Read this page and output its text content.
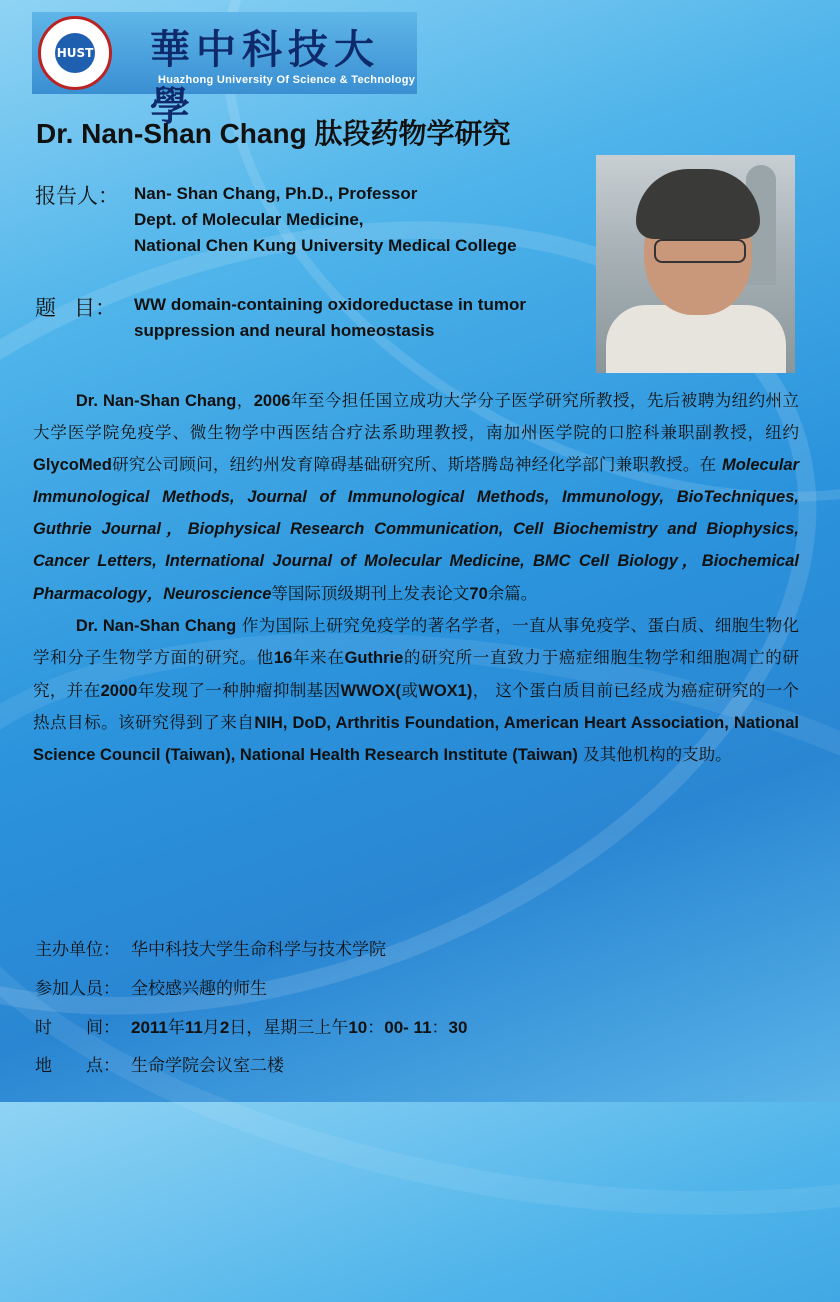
HUST 華中科技大學
Huazhong University Of Science & Technology
Dr. Nan-Shan Chang 肽段药物学研究
报告人： Nan- Shan Chang, Ph.D., Professor
Dept. of Molecular Medicine,
National Chen Kung University Medical College
题 目： WW domain-containing oxidoreductase in tumor
suppression and neural homeostasis

Dr. Nan-Shan Chang，2006年至今担任国立成功大学分子医学研究所教授，先后被聘为纽约州立大学医学院免疫学、微生物学中西医结合疗法系助理教授，南加州医学院的口腔科兼职副教授，纽约GlycoMed研究公司顾问，纽约州发育障碍基础研究所、斯塔腾岛神经化学部门兼职教授。在 Molecular Immunological Methods, Journal of Immunological Methods, Immunology, BioTechniques, Guthrie Journal，Biophysical Research Communication, Cell Biochemistry and Biophysics, Cancer Letters, International Journal of Molecular Medicine, BMC Cell Biology，Biochemical Pharmacology，Neuroscience等国际顶级期刊上发表论文70余篇。

Dr. Nan-Shan Chang 作为国际上研究免疫学的著名学者，一直从事免疫学、蛋白质、细胞生物化学和分子生物学方面的研究。他16年来在Guthrie的研究所一直致力于癌症细胞生物学和细胞凋亡的研究，并在2000年发现了一种肿瘤抑制基因WWOX(或WOX1)， 这个蛋白质目前已经成为癌症研究的一个热点目标。该研究得到了来自NIH, DoD, Arthritis Foundation, American Heart Association, National Science Council (Taiwan), National Health Research Institute (Taiwan) 及其他机构的支助。

主办单位： 华中科技大学生命科学与技术学院
参加人员： 全校感兴趣的师生
时　　间： 2011年11月2日，星期三上午10：00- 11：30
地　　点： 生命学院会议室二楼
